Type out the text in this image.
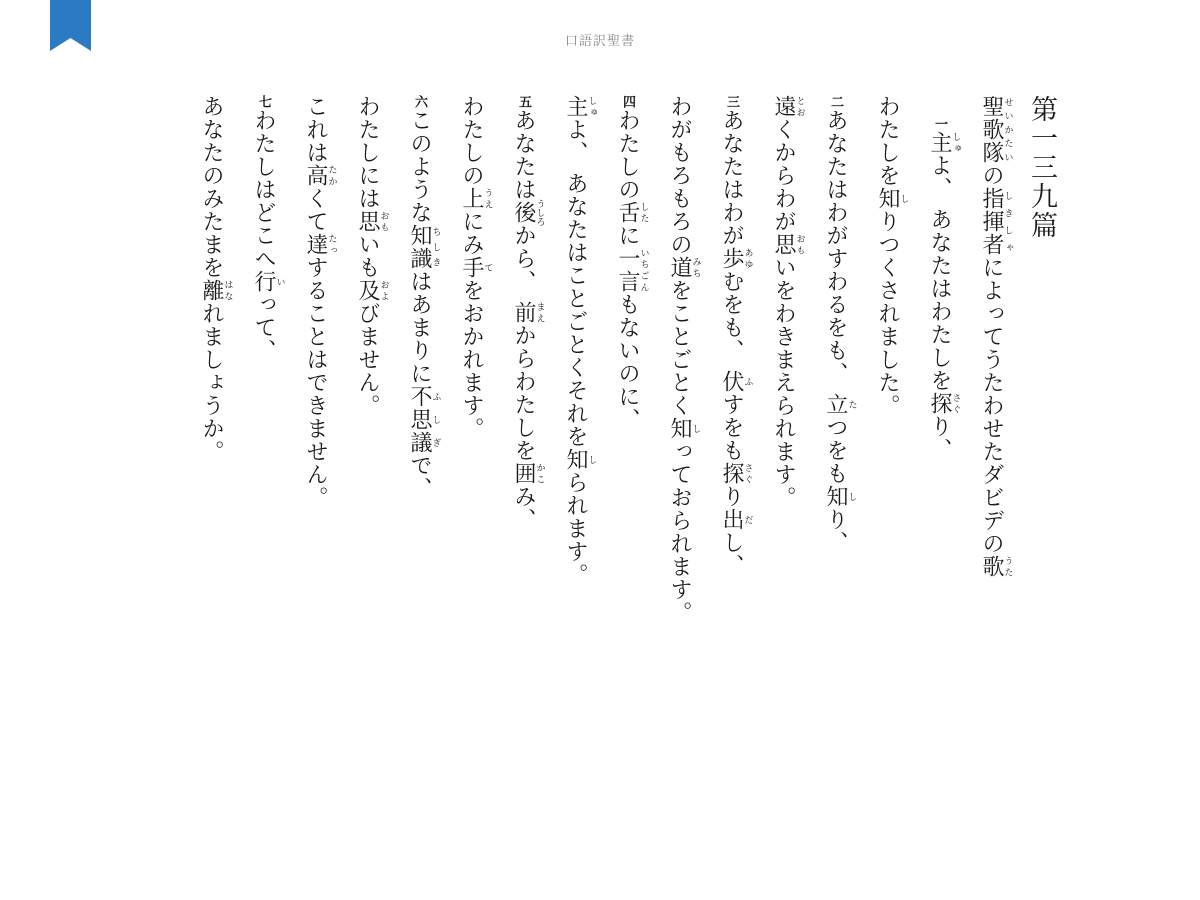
口語訳聖書
第一三九篇

聖歌隊せいかたいの指揮者しきしゃによってうたわせたダビデの歌うた

一主しゅよ、 あなたはわたしを探さぐり、

わたしを知しりつくされました。

二あなたはわがすわるをも、 立たつをも知しり、

遠とおくからわが思おもいをわきまえられます。

三あなたはわが歩あゆむをも、 伏ふすをも探さぐり出だし、

わがもろもろの道みちをことごとく知しっておられます。

四わたしの舌したに一言いちごんもないのに、

主しゅよ、 あなたはことごとくそれを知しられます。

五あなたは後うしろから、 前まえからわたしを囲かこみ、

わたしの上うえにみ手てをおかれます。

六このような知識ちしきはあまりに不思議ふしぎで、

わたしには思おもいも及およびません。

これは高たかくて達たっすることはできません。

七わたしはどこへ行いって、

あなたのみたまを離はなれましょうか。
